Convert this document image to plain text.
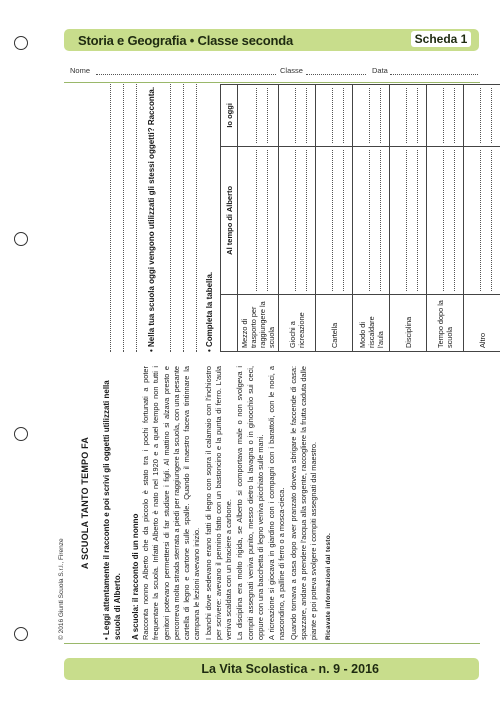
Storia e Geografia • Classe seconda	Scheda 1
Nome	Classe	Data
A SCUOLA TANTO TEMPO FA • Leggi attentamente il racconto e poi scrivi gli oggetti utilizzati nella scuola di Alberto. A scuola: il racconto di un nonno Racconta nonno Alberto che da piccolo è stato tra i pochi fortunati a poter frequentare la scuola. Infatti Alberto è nato nel 1920 e a quel tempo non tutti i genitori potevano permettersi di far studiare i figli. Al mattino si alzava presto e percorreva molta strada sterrata a piedi per raggiungere la scuola, con una pesante cartella di legno e cartone sulle spalle. Quando il maestro faceva tintinnare la campana le lezioni avevano inizio. I banchi dove sedevano erano fatti di legno con sopra il calamaio con l'inchiostro per scrivere: avevano il pennino fatto con un bastoncino e la punta di ferro. L'aula veniva scaldata con un braciere a carbone. La disciplina era molto rigida, se Alberto si comportava male o non svolgeva i compiti assegnati veniva punito, messo dietro la lavagna o in ginocchio sui ceci, oppure con una bacchetta di legno veniva picchiato sulle mani. A ricreazione si giocava in giardino con i compagni con i barattoli, con le noci, a nascondino, a palline di ferro o a mosca-cieca. Quando tornava a casa dopo aver pranzato doveva sbrigare le faccende di casa: spazzare, andare a prendere l'acqua alla sorgente, raccogliere la frutta caduta dalle piante e poi poteva svolgere i compiti assegnati dal maestro. Ricavate informazioni dal testo.
• Nella tua scuola oggi vengono utilizzati gli stessi oggetti? Racconta.	• Completa la tabella.
	Al tempo di Alberto	Io oggi
Mezzo di trasporto per raggiungere la scuola	

Giochi a ricreazione	

Cartella	

Modo di riscaldare l'aula	

Disciplina	

Tempo dopo la scuola	

Altro	

© 2016 Giunti Scuola S.r.l., Firenze
La Vita Scolastica - n. 9 - 2016
